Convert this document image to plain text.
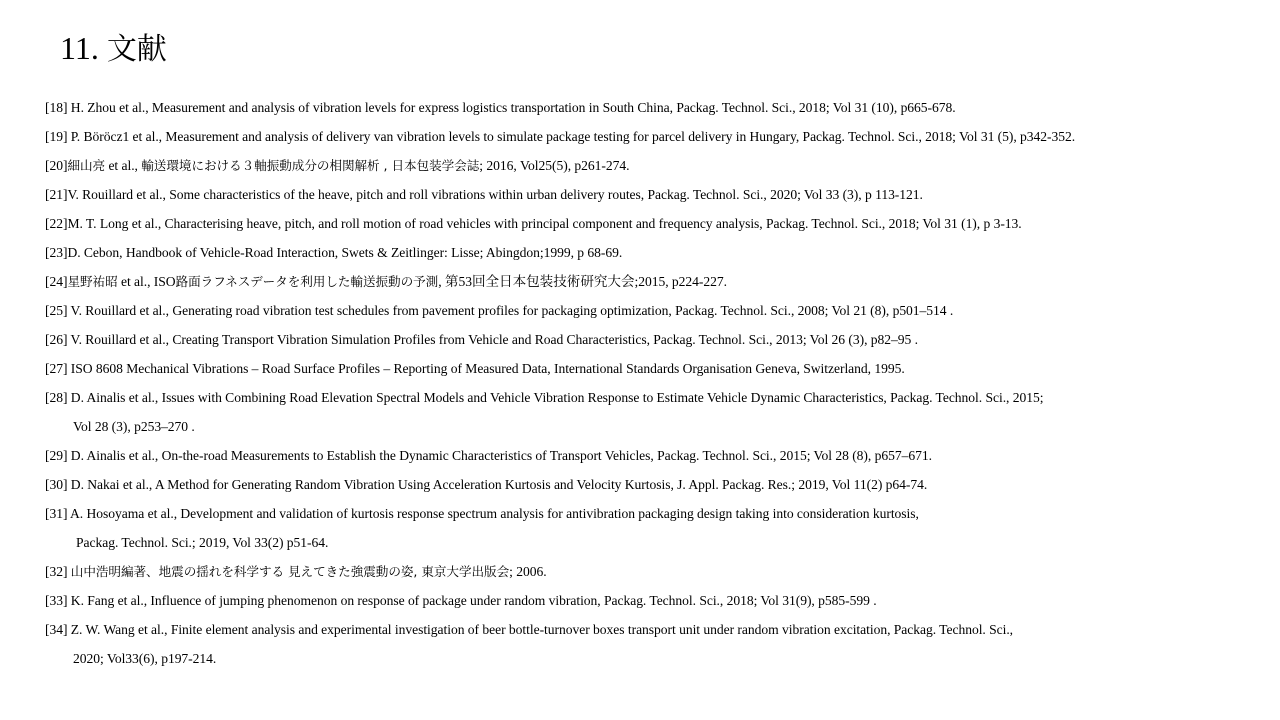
11. 文献
[18] H. Zhou et al., Measurement and analysis of vibration levels for express logistics transportation in South China, Packag. Technol. Sci., 2018; Vol 31 (10), p665-678.
[19] P. Böröcz1 et al., Measurement and analysis of delivery van vibration levels to simulate package testing for parcel delivery in Hungary, Packag. Technol. Sci., 2018; Vol 31 (5), p342-352.
[20]細山亮 et al., 輸送環境における３軸振動成分の相関解析 , 日本包装学会誌; 2016, Vol25(5), p261-274.
[21]V. Rouillard et al., Some characteristics of the heave, pitch and roll vibrations within urban delivery routes, Packag. Technol. Sci., 2020; Vol 33 (3), p 113-121.
[22]M. T. Long et al., Characterising heave, pitch, and roll motion of road vehicles with principal component and frequency analysis, Packag. Technol. Sci., 2018; Vol 31 (1), p 3-13.
[23]D. Cebon, Handbook of Vehicle-Road Interaction, Swets & Zeitlinger: Lisse; Abingdon;1999, p 68-69.
[24]星野祐昭 et al., ISO路面ラフネスデータを利用した輸送振動の予測, 第53回全日本包装技術研究大会;2015, p224-227.
[25] V. Rouillard et al., Generating road vibration test schedules from pavement profiles for packaging optimization, Packag. Technol. Sci., 2008; Vol 21 (8), p501–514 .
[26] V. Rouillard et al., Creating Transport Vibration Simulation Profiles from Vehicle and Road Characteristics, Packag. Technol. Sci., 2013; Vol 26 (3), p82–95 .
[27] ISO 8608 Mechanical Vibrations – Road Surface Profiles – Reporting of Measured Data, International Standards Organisation Geneva, Switzerland, 1995.
[28] D. Ainalis et al., Issues with Combining Road Elevation Spectral Models and Vehicle Vibration Response to Estimate Vehicle Dynamic Characteristics, Packag. Technol. Sci., 2015;
Vol 28 (3), p253–270 .
[29] D. Ainalis et al., On-the-road Measurements to Establish the Dynamic Characteristics of Transport Vehicles, Packag. Technol. Sci., 2015; Vol 28 (8), p657–671.
[30] D. Nakai et al., A Method for Generating Random Vibration Using Acceleration Kurtosis and Velocity Kurtosis, J. Appl. Packag. Res.; 2019, Vol 11(2) p64-74.
[31] A. Hosoyama et al., Development and validation of kurtosis response spectrum analysis for antivibration packaging design taking into consideration kurtosis,
Packag. Technol. Sci.; 2019, Vol 33(2) p51-64.
[32] 山中浩明編著、地震の揺れを科学する 見えてきた強震動の姿, 東京大学出版会; 2006.
[33] K. Fang et al., Influence of jumping phenomenon on response of package under random vibration, Packag. Technol. Sci., 2018; Vol 31(9), p585-599 .
[34] Z. W. Wang et al., Finite element analysis and experimental investigation of beer bottle-turnover boxes transport unit under random vibration excitation, Packag. Technol. Sci.,
2020; Vol33(6), p197-214.
